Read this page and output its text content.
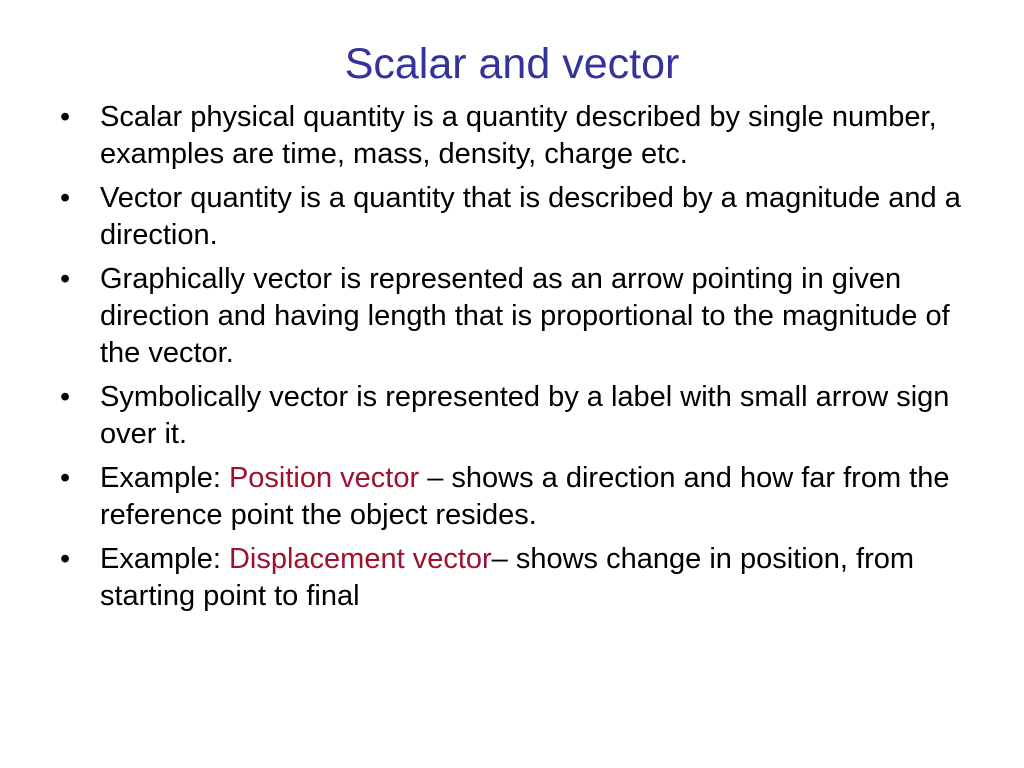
Scalar and vector
•	Scalar physical quantity is a quantity described by single number, examples are time, mass, density, charge etc.
•	Vector quantity is a quantity that is described by a magnitude and a direction.
•	Graphically vector is represented as an arrow pointing in given direction and having length that is proportional to the magnitude of the vector.
•	Symbolically vector is represented by a label with small arrow sign over it.
•	Example: Position vector – shows a direction and how far from the reference point the object resides.
•	Example: Displacement vector– shows change in position, from starting point to final
